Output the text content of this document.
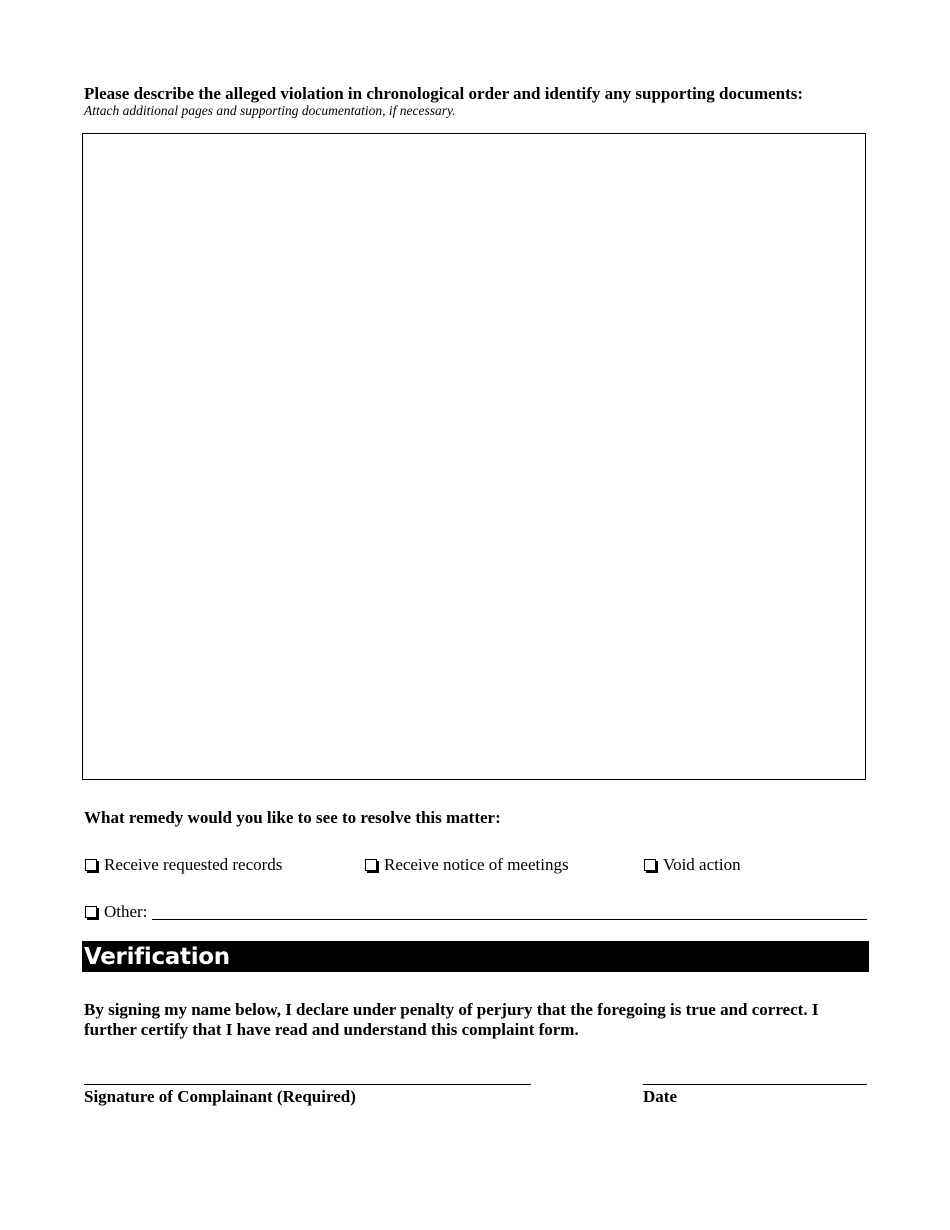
Please describe the alleged violation in chronological order and identify any supporting documents:
Attach additional pages and supporting documentation, if necessary.
What remedy would you like to see to resolve this matter:
Receive requested records	Receive notice of meetings	Void action
Other:
Verification
By signing my name below, I declare under penalty of perjury that the foregoing is true and correct. I further certify that I have read and understand this complaint form.
Signature of Complainant (Required)	Date
